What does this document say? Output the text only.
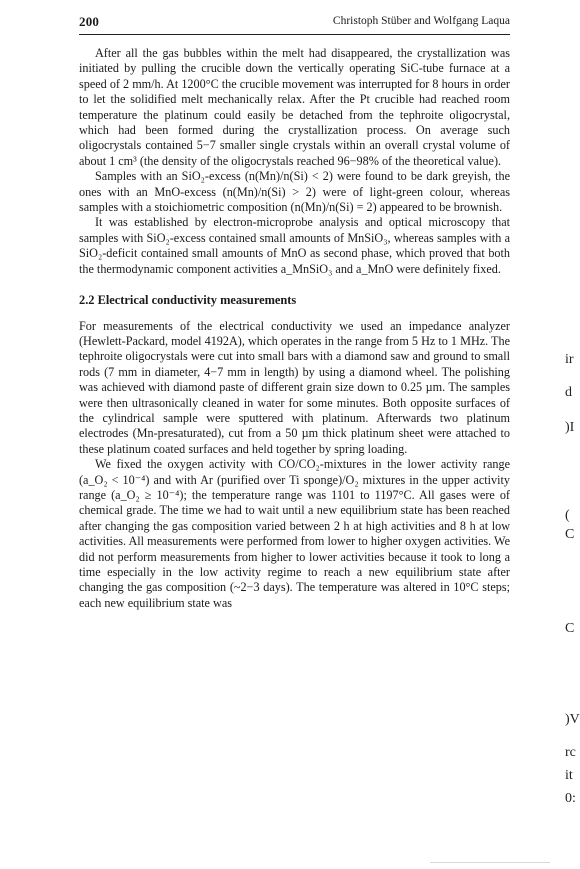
200	Christoph Stüber and Wolfgang Laqua

After all the gas bubbles within the melt had disappeared, the crystallization was initiated by pulling the crucible down the vertically operating SiC-tube furnace at a speed of 2 mm/h. At 1200°C the crucible movement was interrupted for 8 hours in order to let the solidified melt mechanically relax. After the Pt crucible had reached room temperature the platinum could easily be detached from the tephroite oligocrystal, which had been formed during the crystallization process. On average such oligocrystals contained 5−7 smaller single crystals within an overall crystal volume of about 1 cm³ (the density of the oligocrystals reached 96−98% of the theoretical value).

Samples with an SiO₂-excess (n(Mn)/n(Si) < 2) were found to be dark greyish, the ones with an MnO-excess (n(Mn)/n(Si) > 2) were of light-green colour, whereas samples with a stoichiometric composition (n(Mn)/n(Si) = 2) appeared to be brownish.

It was established by electron-microprobe analysis and optical microscopy that samples with SiO₂-excess contained small amounts of MnSiO₃, whereas samples with a SiO₂-deficit contained small amounts of MnO as second phase, which proved that both the thermodynamic component activities a_MnSiO₃ and a_MnO were definitely fixed.

2.2 Electrical conductivity measurements

For measurements of the electrical conductivity we used an impedance analyzer (Hewlett-Packard, model 4192A), which operates in the range from 5 Hz to 1 MHz. The tephroite oligocrystals were cut into small bars with a diamond saw and ground to small rods (7 mm in diameter, 4−7 mm in length) by using a diamond wheel. The polishing was achieved with diamond paste of different grain size down to 0.25 µm. The samples were then ultrasonically cleaned in water for some minutes. Both opposite surfaces of the cylindrical sample were sputtered with platinum. Afterwards two platinum electrodes (Mn-presaturated), cut from a 50 µm thick platinum sheet were attached to these platinum coated surfaces and held together by spring loading.

We fixed the oxygen activity with CO/CO₂-mixtures in the lower activity range (a_O₂ < 10⁻⁴) and with Ar (purified over Ti sponge)/O₂ mixtures in the upper activity range (a_O₂ ≥ 10⁻⁴); the temperature range was 1101 to 1197°C. All gases were of chemical grade. The time we had to wait until a new equilibrium state has been reached after changing the gas composition varied between 2 h at high activities and 8 h at low activities. All measurements were performed from lower to higher oxygen activities. We did not perform measurements from higher to lower activities because it took to long a time especially in the low activity regime to reach a new equilibrium state after changing the gas composition (~2−3 days). The temperature was altered in 10°C steps; each new equilibrium state was

ir
d
)I
(
C
C
)V
rc
it
0:
